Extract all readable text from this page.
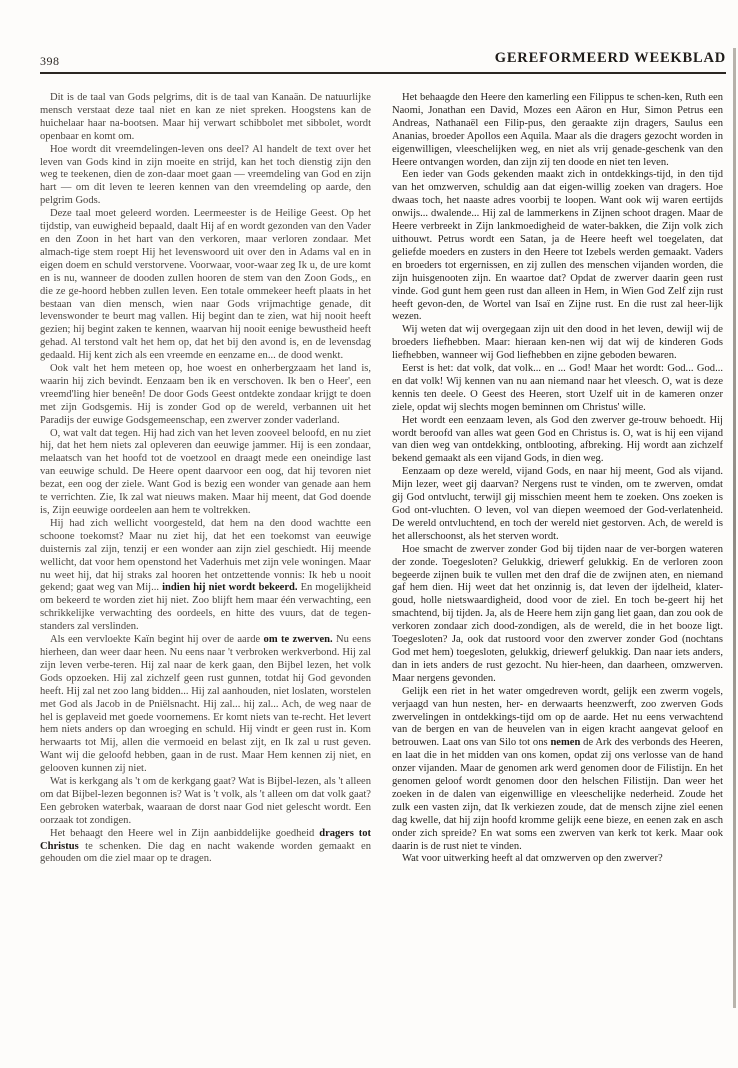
398	GEREFORMEERD WEEKBLAD

Dit is de taal van Gods pelgrims, dit is de taal van Kanaän. De natuurlijke mensch verstaat deze taal niet en kan ze niet spreken. Hoogstens kan de huichelaar haar na-bootsen. Maar hij verwart schibbolet met sibbolet, wordt openbaar en komt om.

Hoe wordt dit vreemdelingen-leven ons deel? Al handelt de text over het leven van Gods kind in zijn moeite en strijd, kan het toch dienstig zijn den weg te teekenen, dien de zon-daar moet gaan — vreemdeling van God en zijn hart — om dit leven te leeren kennen van den vreemdeling op aarde, den pelgrim Gods.

Deze taal moet geleerd worden. Leermeester is de Heilige Geest. Op het tijdstip, van euwigheid bepaald, daalt Hij af en wordt gezonden van den Vader en den Zoon in het hart van den verkoren, maar verloren zondaar. Met almach-tige stem roept Hij het levenswoord uit over den in Adams val en in eigen doem en schuld verstorvene. Voorwaar, voor-waar zeg Ik u, de ure komt en is nu, wanneer de dooden zullen hooren de stem van den Zoon Gods,, en die ze ge-hoord hebben zullen leven. Een totale ommekeer heeft plaats in het bestaan van dien mensch, wien naar Gods vrijmachtige genade, dit levenswonder te beurt mag vallen. Hij begint dan te zien, wat hij nooit heeft gezien; hij begint zaken te kennen, waarvan hij nooit eenige bewustheid heeft gehad. Al terstond valt het hem op, dat het bij den avond is, en de levensdag gedaald. Hij kent zich als een vreemde en eenzame en... de dood wenkt.

Ook valt het hem meteen op, hoe woest en onherbergzaam het land is, waarin hij zich bevindt. Eenzaam ben ik en verschoven. Ik ben o Heer', een vreemd'ling hier beneên! De door Gods Geest ontdekte zondaar krijgt te doen met zijn Godsgemis. Hij is zonder God op de wereld, verbannen uit het Paradijs der euwige Godsgemeenschap, een zwerver zonder vaderland.

O, wat valt dat tegen. Hij had zich van het leven zooveel beloofd, en nu ziet hij, dat het hem niets zal opleveren dan eeuwige jammer. Hij is een zondaar, melaatsch van het hoofd tot de voetzool en draagt mede een oneindige last van eeuwige schuld. De Heere opent daarvoor een oog, dat hij tevoren niet bezat, een oog der ziele. Want God is bezig een wonder van genade aan hem te verrichten. Zie, Ik zal wat nieuws maken. Maar hij meent, dat God doende is, Zijn eeuwige oordeelen aan hem te voltrekken.

Hij had zich wellicht voorgesteld, dat hem na den dood wachtte een schoone toekomst? Maar nu ziet hij, dat het een toekomst van eeuwige duisternis zal zijn, tenzij er een wonder aan zijn ziel geschiedt. Hij meende wellicht, dat voor hem openstond het Vaderhuis met zijn vele woningen. Maar nu weet hij, dat hij straks zal hooren het ontzettende vonnis: Ik heb u nooit gekend; gaat weg van Mij... indien hij niet wordt bekeerd. En mogelijkheid om bekeerd te worden ziet hij niet. Zoo blijft hem maar één verwachting, een schrikkelijke verwachting des oordeels, en hitte des vuurs, dat de tegen-standers zal verslinden.

Als een vervloekte Kaïn begint hij over de aarde om te zwerven. Nu eens hierheen, dan weer daar heen. Nu eens naar 't verbroken werkverbond. Hij zal zijn leven verbe-teren. Hij zal naar de kerk gaan, den Bijbel lezen, het volk Gods opzoeken. Hij zal zichzelf geen rust gunnen, totdat hij God gevonden heeft. Hij zal net zoo lang bidden... Hij zal aanhouden, niet loslaten, worstelen met God als Jacob in de Pniëlsnacht. Hij zal... hij zal... Ach, de weg naar de hel is geplaveid met goede voornemens. Er komt niets van te-recht. Het levert hem niets anders op dan wroeging en schuld. Hij vindt er geen rust in. Kom herwaarts tot Mij, allen die vermoeid en belast zijt, en Ik zal u rust geven. Want wij die geloofd hebben, gaan in de rust. Maar Hem kennen zij niet, en gelooven kunnen zij niet.

Wat is kerkgang als 't om de kerkgang gaat? Wat is Bijbel-lezen, als 't alleen om dat Bijbel-lezen begonnen is? Wat is 't volk, als 't alleen om dat volk gaat? Een gebroken waterbak, waaraan de dorst naar God niet gelescht wordt. Een oorzaak tot zondigen.

Het behaagt den Heere wel in Zijn aanbiddelijke goedheid dragers tot Christus te schenken. Die dag en nacht wakende worden gemaakt en gehouden om die ziel maar op te dragen.

Het behaagde den Heere den kamerling een Filippus te schen-ken, Ruth een Naomi, Jonathan een David, Mozes een Aäron en Hur, Simon Petrus een Andreas, Nathanaël een Filip-pus, den geraakte zijn dragers, Saulus een Ananias, broeder Apollos een Aquila. Maar als die dragers gezocht worden in eigenwilligen, vleeschelijken weg, en niet als vrij genade-geschenk van den Heere ontvangen worden, dan zijn zij ten doode en niet ten leven.

Een ieder van Gods gekenden maakt zich in ontdekkings-tijd, in den tijd van het omzwerven, schuldig aan dat eigen-willig zoeken van dragers. Hoe dwaas toch, het naaste adres voorbij te loopen. Want ook wij waren eertijds onwijs... dwalende... Hij zal de lammerkens in Zijnen schoot dragen. Maar de Heere verbreekt in Zijn lankmoedigheid de water-bakken, die Zijn volk zich uithouwt. Petrus wordt een Satan, ja de Heere heeft wel toegelaten, dat geliefde moeders en zusters in den Heere tot Izebels werden gemaakt. Vaders en broeders tot ergernissen, en zij zullen des menschen vijanden worden, die zijn huisgenooten zijn. En waartoe dat? Opdat de zwerver daarin geen rust vinde. God gunt hem geen rust dan alleen in Hem, in Wien God Zelf zijn rust heeft gevon-den, de Wortel van Isaï en Zijne rust. En die rust zal heer-lijk wezen.

Wij weten dat wij overgegaan zijn uit den dood in het leven, dewijl wij de broeders liefhebben. Maar: hieraan ken-nen wij dat wij de kinderen Gods liefhebben, wanneer wij God liefhebben en zijne geboden bewaren.

Eerst is het: dat volk, dat volk... en ... God! Maar het wordt: God... God... en dat volk! Wij kennen van nu aan niemand naar het vleesch. O, wat is deze kennis ten deele. O Geest des Heeren, stort Uzelf uit in de kameren onzer ziele, opdat wij slechts mogen beminnen om Christus' wille.

Het wordt een eenzaam leven, als God den zwerver ge-trouw behoedt. Hij wordt beroofd van alles wat geen God en Christus is. O, wat is hij een vijand van dien weg van ontdekking, ontblooting, afbreking. Hij wordt aan zichzelf bekend gemaakt als een vijand Gods, in dien weg.

Eenzaam op deze wereld, vijand Gods, en naar hij meent, God als vijand. Mijn lezer, weet gij daarvan? Nergens rust te vinden, om te zwerven, omdat gij God ontvlucht, terwijl gij misschien meent hem te zoeken. Ons zoeken is God ont-vluchten. O leven, vol van diepen weemoed der God-verlatenheid. De wereld ontvluchtend, en toch der wereld niet gestorven. Ach, de wereld is het allerschoonst, als het sterven wordt.

Hoe smacht de zwerver zonder God bij tijden naar de ver-borgen wateren der zonde. Toegesloten? Gelukkig, driewerf gelukkig. En de verloren zoon begeerde zijnen buik te vullen met den draf die de zwijnen aten, en niemand gaf hem dien. Hij weet dat het onzinnig is, dat leven der ijdelheid, klater-goud, holle nietswaardigheid, dood voor de ziel. En toch be-geert hij het smachtend, bij tijden. Ja, als de Heere hem zijn gang liet gaan, dan zou ook de verkoren zondaar zich dood-zondigen, als de wereld, die in het booze ligt. Toegesloten? Ja, ook dat rustoord voor den zwerver zonder God (nochtans God met hem) toegesloten, gelukkig, driewerf gelukkig. Dan naar iets anders, dan in iets anders de rust gezocht. Nu hier-heen, dan daarheen, omzwerven. Maar nergens gevonden.

Gelijk een riet in het water omgedreven wordt, gelijk een zwerm vogels, verjaagd van hun nesten, her- en derwaarts heenzwerft, zoo zwerven Gods zwervelingen in ontdekkings-tijd om op de aarde. Het nu eens verwachtend van de bergen en van de heuvelen van in eigen kracht aangevat geloof en betrouwen. Laat ons van Silo tot ons nemen de Ark des verbonds des Heeren, en laat die in het midden van ons komen, opdat zij ons verlosse van de hand onzer vijanden. Maar de genomen ark werd genomen door de Filistijn. En het genomen geloof wordt genomen door den helschen Filistijn. Dan weer het zoeken in de dalen van eigenwillige en vleeschelijke nederheid. Zoude het zulk een vasten zijn, dat Ik verkiezen zoude, dat de mensch zijne ziel eenen dag kwelle, dat hij zijn hoofd kromme gelijk eene bieze, en eenen zak en asch onder zich spreide? En wat soms een zwerven van kerk tot kerk. Maar ook daarin is de rust niet te vinden.

Wat voor uitwerking heeft al dat omzwerven op den zwerver?
